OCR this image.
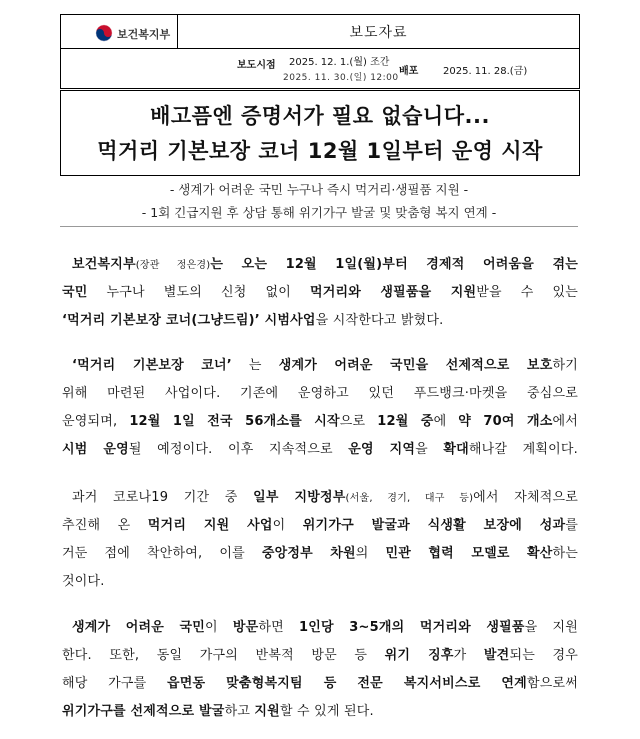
보건복지부	보도자료
보도시점 2025. 12. 1.(월) 조간
2025. 11. 30.(일) 12:00
배포 2025. 11. 28.(금)
배고픔엔 증명서가 필요 없습니다...
먹거리 기본보장 코너 12월 1일부터 운영 시작
- 생계가 어려운 국민 누구나 즉시 먹거리·생필품 지원 -
- 1회 긴급지원 후 상담 통해 위기가구 발굴 및 맞춤형 복지 연계 -
보건복지부(장관 정은경)는 오는 12월 1일(월)부터 경제적 어려움을 겪는
국민 누구나 별도의 신청 없이 먹거리와 생필품을 지원받을 수 있는
‘먹거리 기본보장 코너(그냥드림)’ 시범사업을 시작한다고 밝혔다.
‘먹거리 기본보장 코너’ 는 생계가 어려운 국민을 선제적으로 보호하기
위해 마련된 사업이다. 기존에 운영하고 있던 푸드뱅크·마켓을 중심으로
운영되며, 12월 1일 전국 56개소를 시작으로 12월 중에 약 70여 개소에서
시범 운영될 예정이다. 이후 지속적으로 운영 지역을 확대해나갈 계획이다.
과거 코로나19 기간 중 일부 지방정부(서울, 경기, 대구 등)에서 자체적으로
추진해 온 먹거리 지원 사업이 위기가구 발굴과 식생활 보장에 성과를
거둔 점에 착안하여, 이를 중앙정부 차원의 민관 협력 모델로 확산하는
것이다.
생계가 어려운 국민이 방문하면 1인당 3~5개의 먹거리와 생필품을 지원
한다. 또한, 동일 가구의 반복적 방문 등 위기 징후가 발견되는 경우
해당 가구를 읍면동 맞춤형복지팀 등 전문 복지서비스로 연계함으로써
위기가구를 선제적으로 발굴하고 지원할 수 있게 된다.
